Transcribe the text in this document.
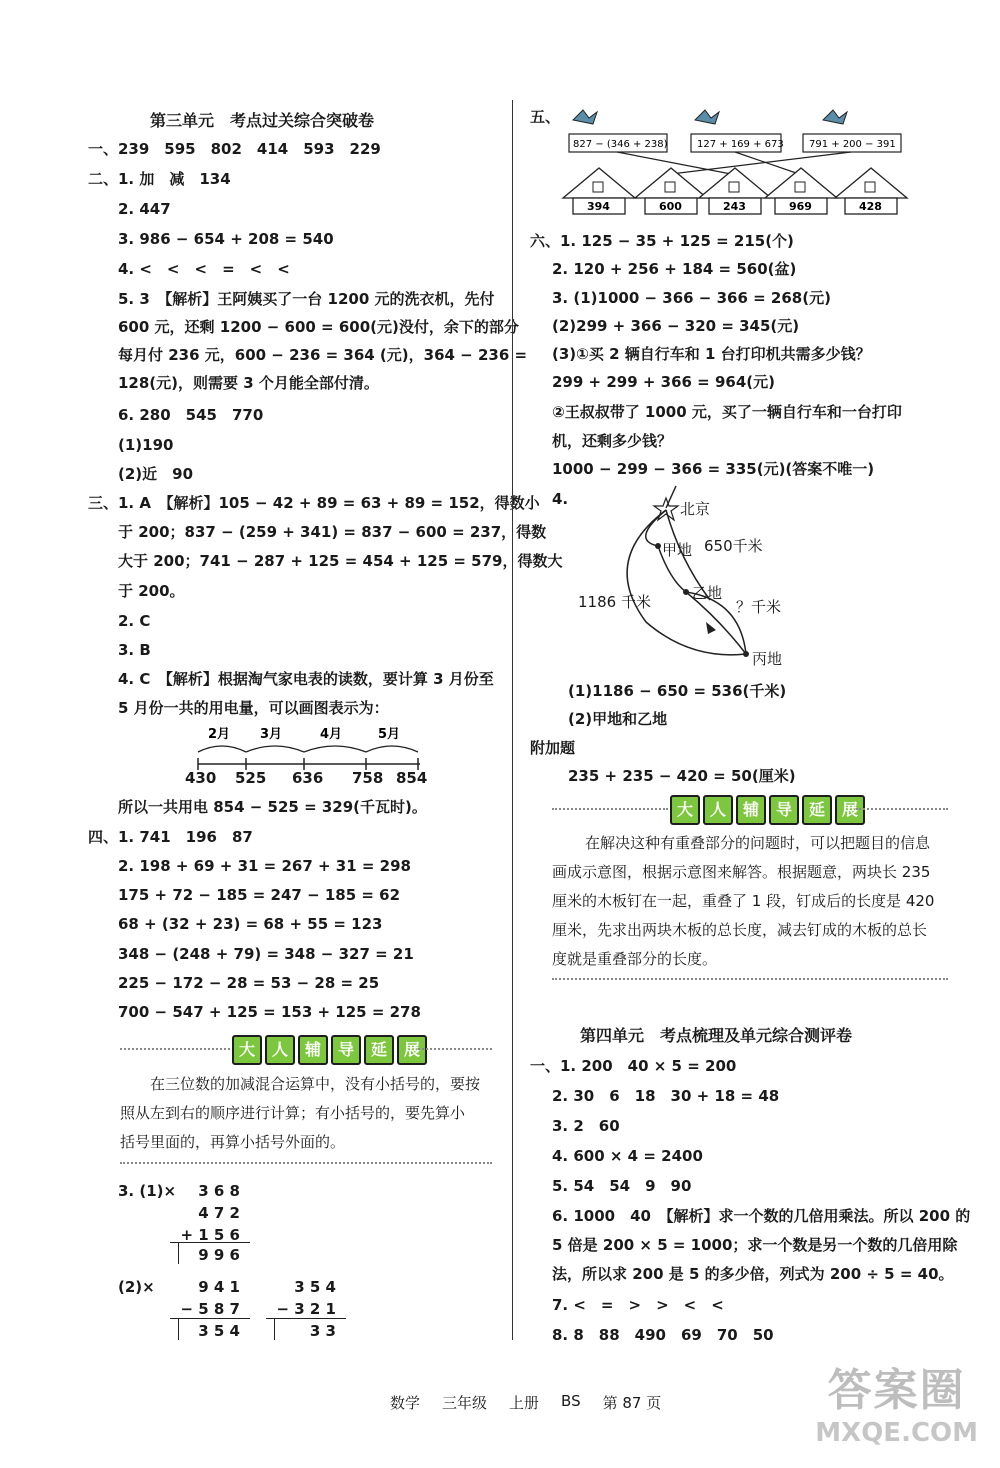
第三单元　考点过关综合突破卷
一、239　595　802　414　593　229
二、1. 加　减　134
2. 447
3. 986 − 654 + 208 = 540
4. <　<　<　=　<　<
5. 3　【解析】王阿姨买了一台 1200 元的洗衣机，先付
600 元，还剩 1200 − 600 = 600(元)没付，余下的部分
每月付 236 元，600 − 236 = 364 (元)，364 − 236 =
128(元)，则需要 3 个月能全部付清。
6. 280　545　770
(1)190
(2)近　90
三、1. A　【解析】105 − 42 + 89 = 63 + 89 = 152，得数小
于 200；837 − (259 + 341) = 837 − 600 = 237，得数
大于 200；741 − 287 + 125 = 454 + 125 = 579，得数大
于 200。
2. C
3. B
4. C　【解析】根据淘气家电表的读数，要计算 3 月份至
5 月份一共的用电量，可以画图表示为：
2月 3月	4月	5月
430 525 636 758 854
所以一共用电 854 − 525 = 329(千瓦时)。
四、1. 741　196　87
2. 198 + 69 + 31 = 267 + 31 = 298
175 + 72 − 185 = 247 − 185 = 62
68 + (32 + 23) = 68 + 55 = 123
348 − (248 + 79) = 348 − 327 = 21
225 − 172 − 28 = 53 − 28 = 25
700 − 547 + 125 = 153 + 125 = 278
大	人	辅	导	延	展
在三位数的加减混合运算中，没有小括号的，要按
照从左到右的顺序进行计算；有小括号的，要先算小
括号里面的，再算小括号外面的。
3. (1)×	3 6 8
4 7 2
+ 1 5 6
9 9 6
(2)×	9 4 1
− 5 8 7
3 5 4
3 5 4
− 3 2 1
3 3
五、
827 − (346 + 238)	127 + 169 + 673	791 + 200 − 391
394	600	243	969	428
六、1. 125 − 35 + 125 = 215(个)
2. 120 + 256 + 184 = 560(盆)
3. (1)1000 − 366 − 366 = 268(元)
(2)299 + 366 − 320 = 345(元)
(3)①买 2 辆自行车和 1 台打印机共需多少钱？
299 + 299 + 366 = 964(元)
②王叔叔带了 1000 元，买了一辆自行车和一台打印
机，还剩多少钱？
1000 − 299 − 366 = 335(元)(答案不唯一)
4.
北京
甲地 650千米
乙地
1186 千米	？千米
丙地
(1)1186 − 650 = 536(千米)
(2)甲地和乙地
附加题
235 + 235 − 420 = 50(厘米)
大	人	辅	导	延	展
在解决这种有重叠部分的问题时，可以把题目的信息
画成示意图，根据示意图来解答。根据题意，两块长 235
厘米的木板钉在一起，重叠了 1 段，钉成后的长度是 420
厘米，先求出两块木板的总长度，减去钉成的木板的总长
度就是重叠部分的长度。
第四单元　考点梳理及单元综合测评卷
一、1. 200　40 × 5 = 200
2. 30　6　18　30 + 18 = 48
3. 2　60
4. 600 × 4 = 2400
5. 54　54　9　90
6. 1000　40　【解析】求一个数的几倍用乘法。所以 200 的
5 倍是 200 × 5 = 1000；求一个数是另一个数的几倍用除
法，所以求 200 是 5 的多少倍，列式为 200 ÷ 5 = 40。
7. <　=　>　>　<　<
8. 8　88　490　69　70　50
数学 三年级 上册 BS 第 87 页	答案圈
MXQE.COM
